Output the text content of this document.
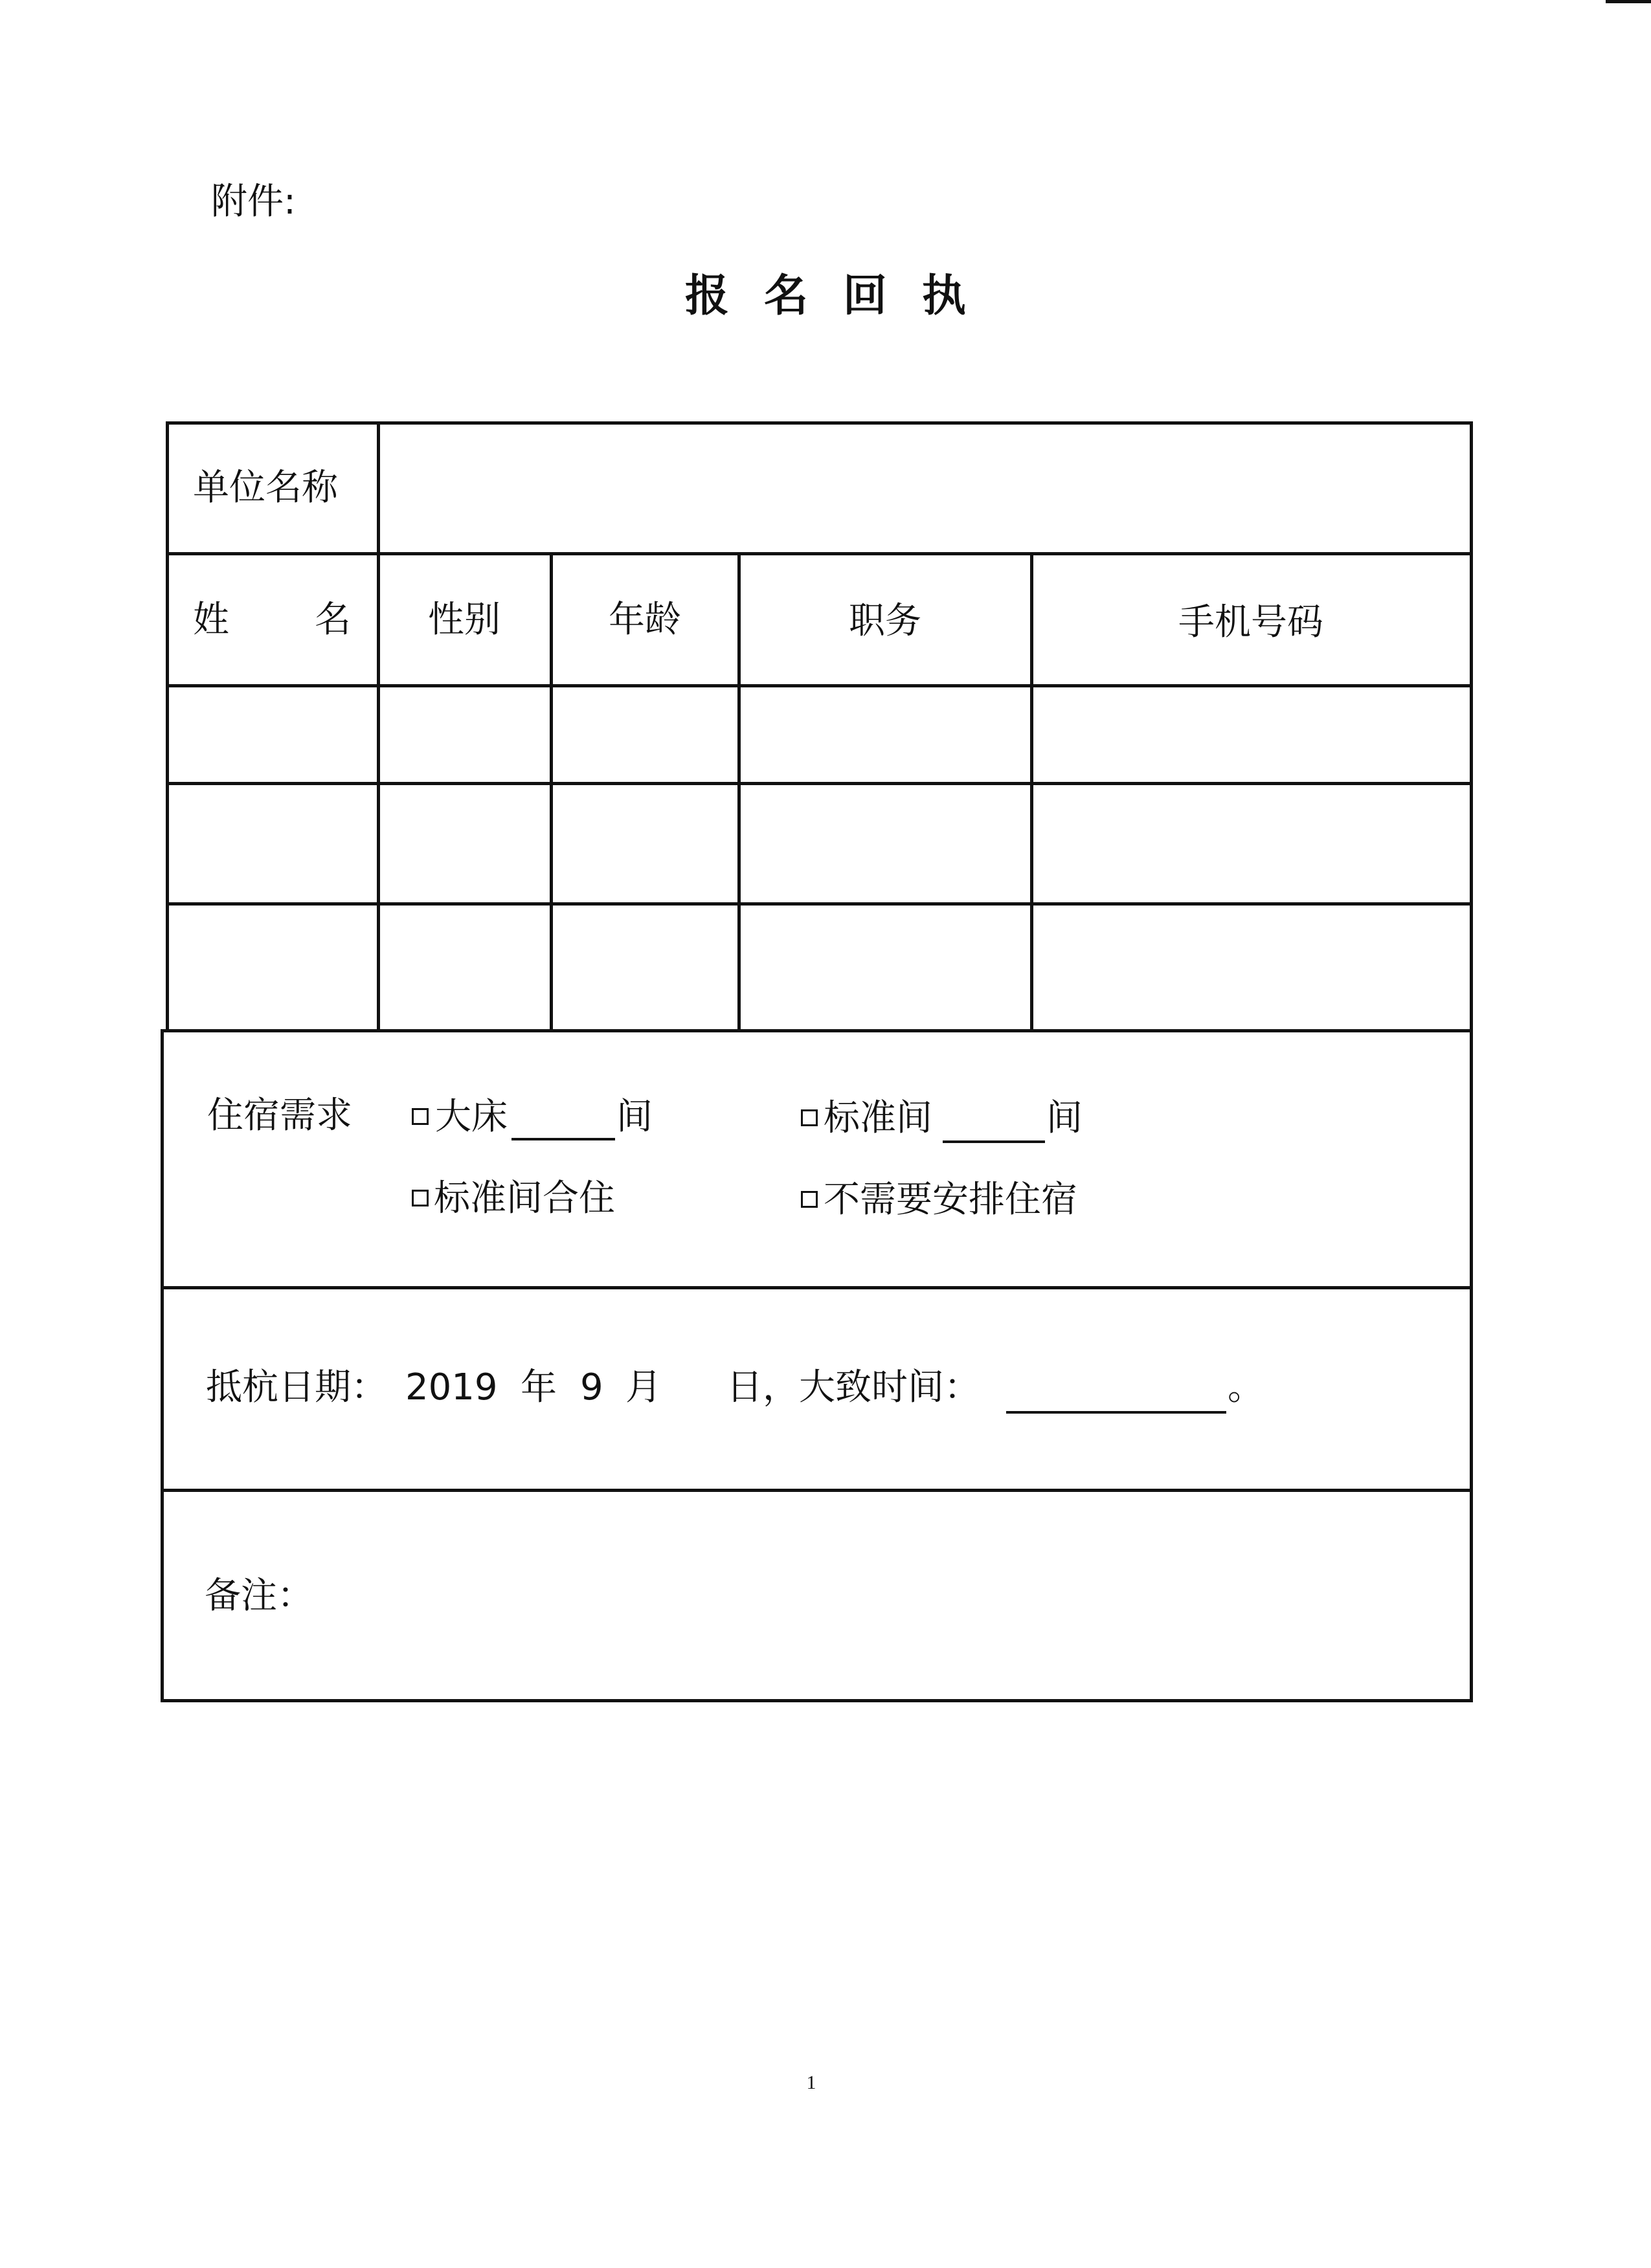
附件:
报名回执
单位名称
姓 名 性别	年龄	职务	手机号码
住宿需求 大床	间	标准间	间
标准间合住	不需要安排住宿
抵杭日期： 2019 年 9 月 日，大致时间：	。
备注：
1
